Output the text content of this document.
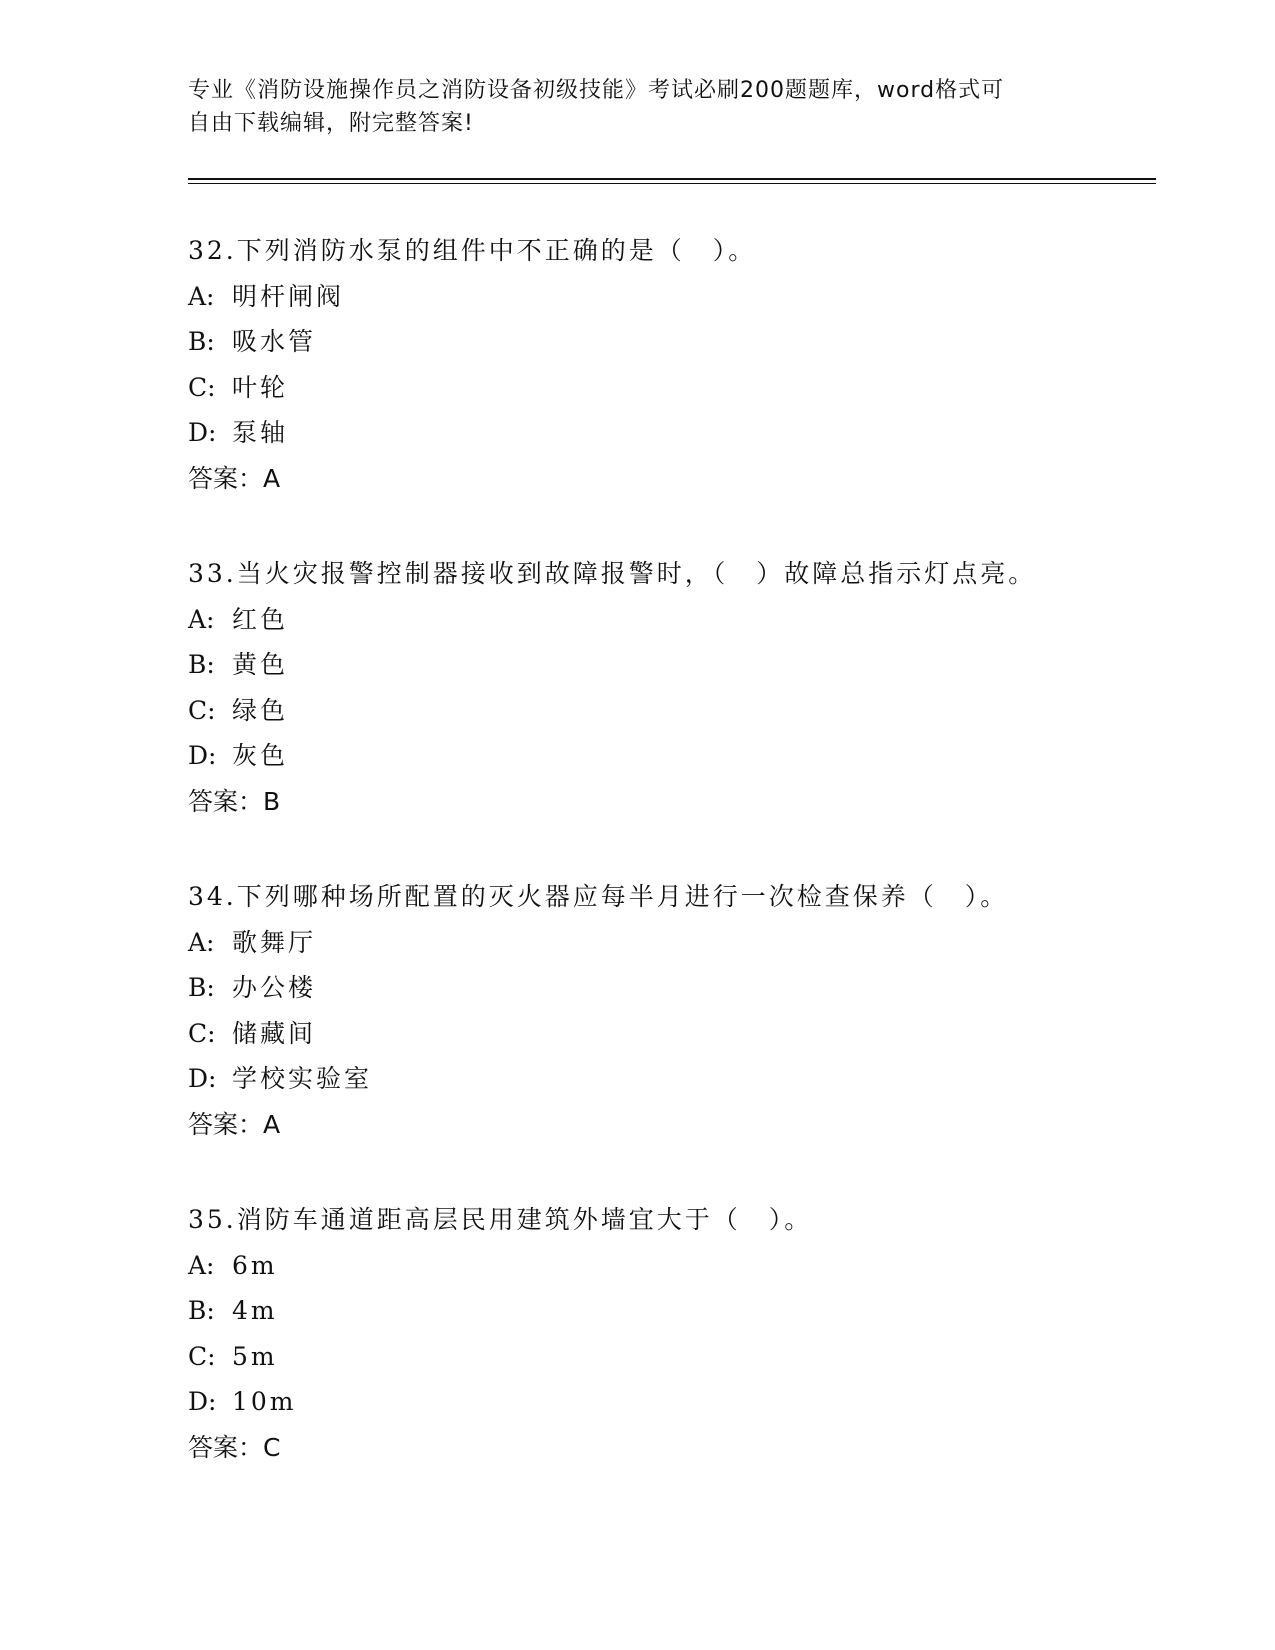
专业《消防设施操作员之消防设备初级技能》考试必刷200题题库，word格式可
自由下载编辑，附完整答案!
32.下列消防水泵的组件中不正确的是（　）。
A: 明杆闸阀
B: 吸水管
C: 叶轮
D: 泵轴
答案：A
33.当火灾报警控制器接收到故障报警时，（　）故障总指示灯点亮。
A: 红色
B: 黄色
C: 绿色
D: 灰色
答案：B
34.下列哪种场所配置的灭火器应每半月进行一次检查保养（　）。
A: 歌舞厅
B: 办公楼
C: 储藏间
D: 学校实验室
答案：A
35.消防车通道距高层民用建筑外墙宜大于（　）。
A: 6m
B: 4m
C: 5m
D: 10m
答案：C
